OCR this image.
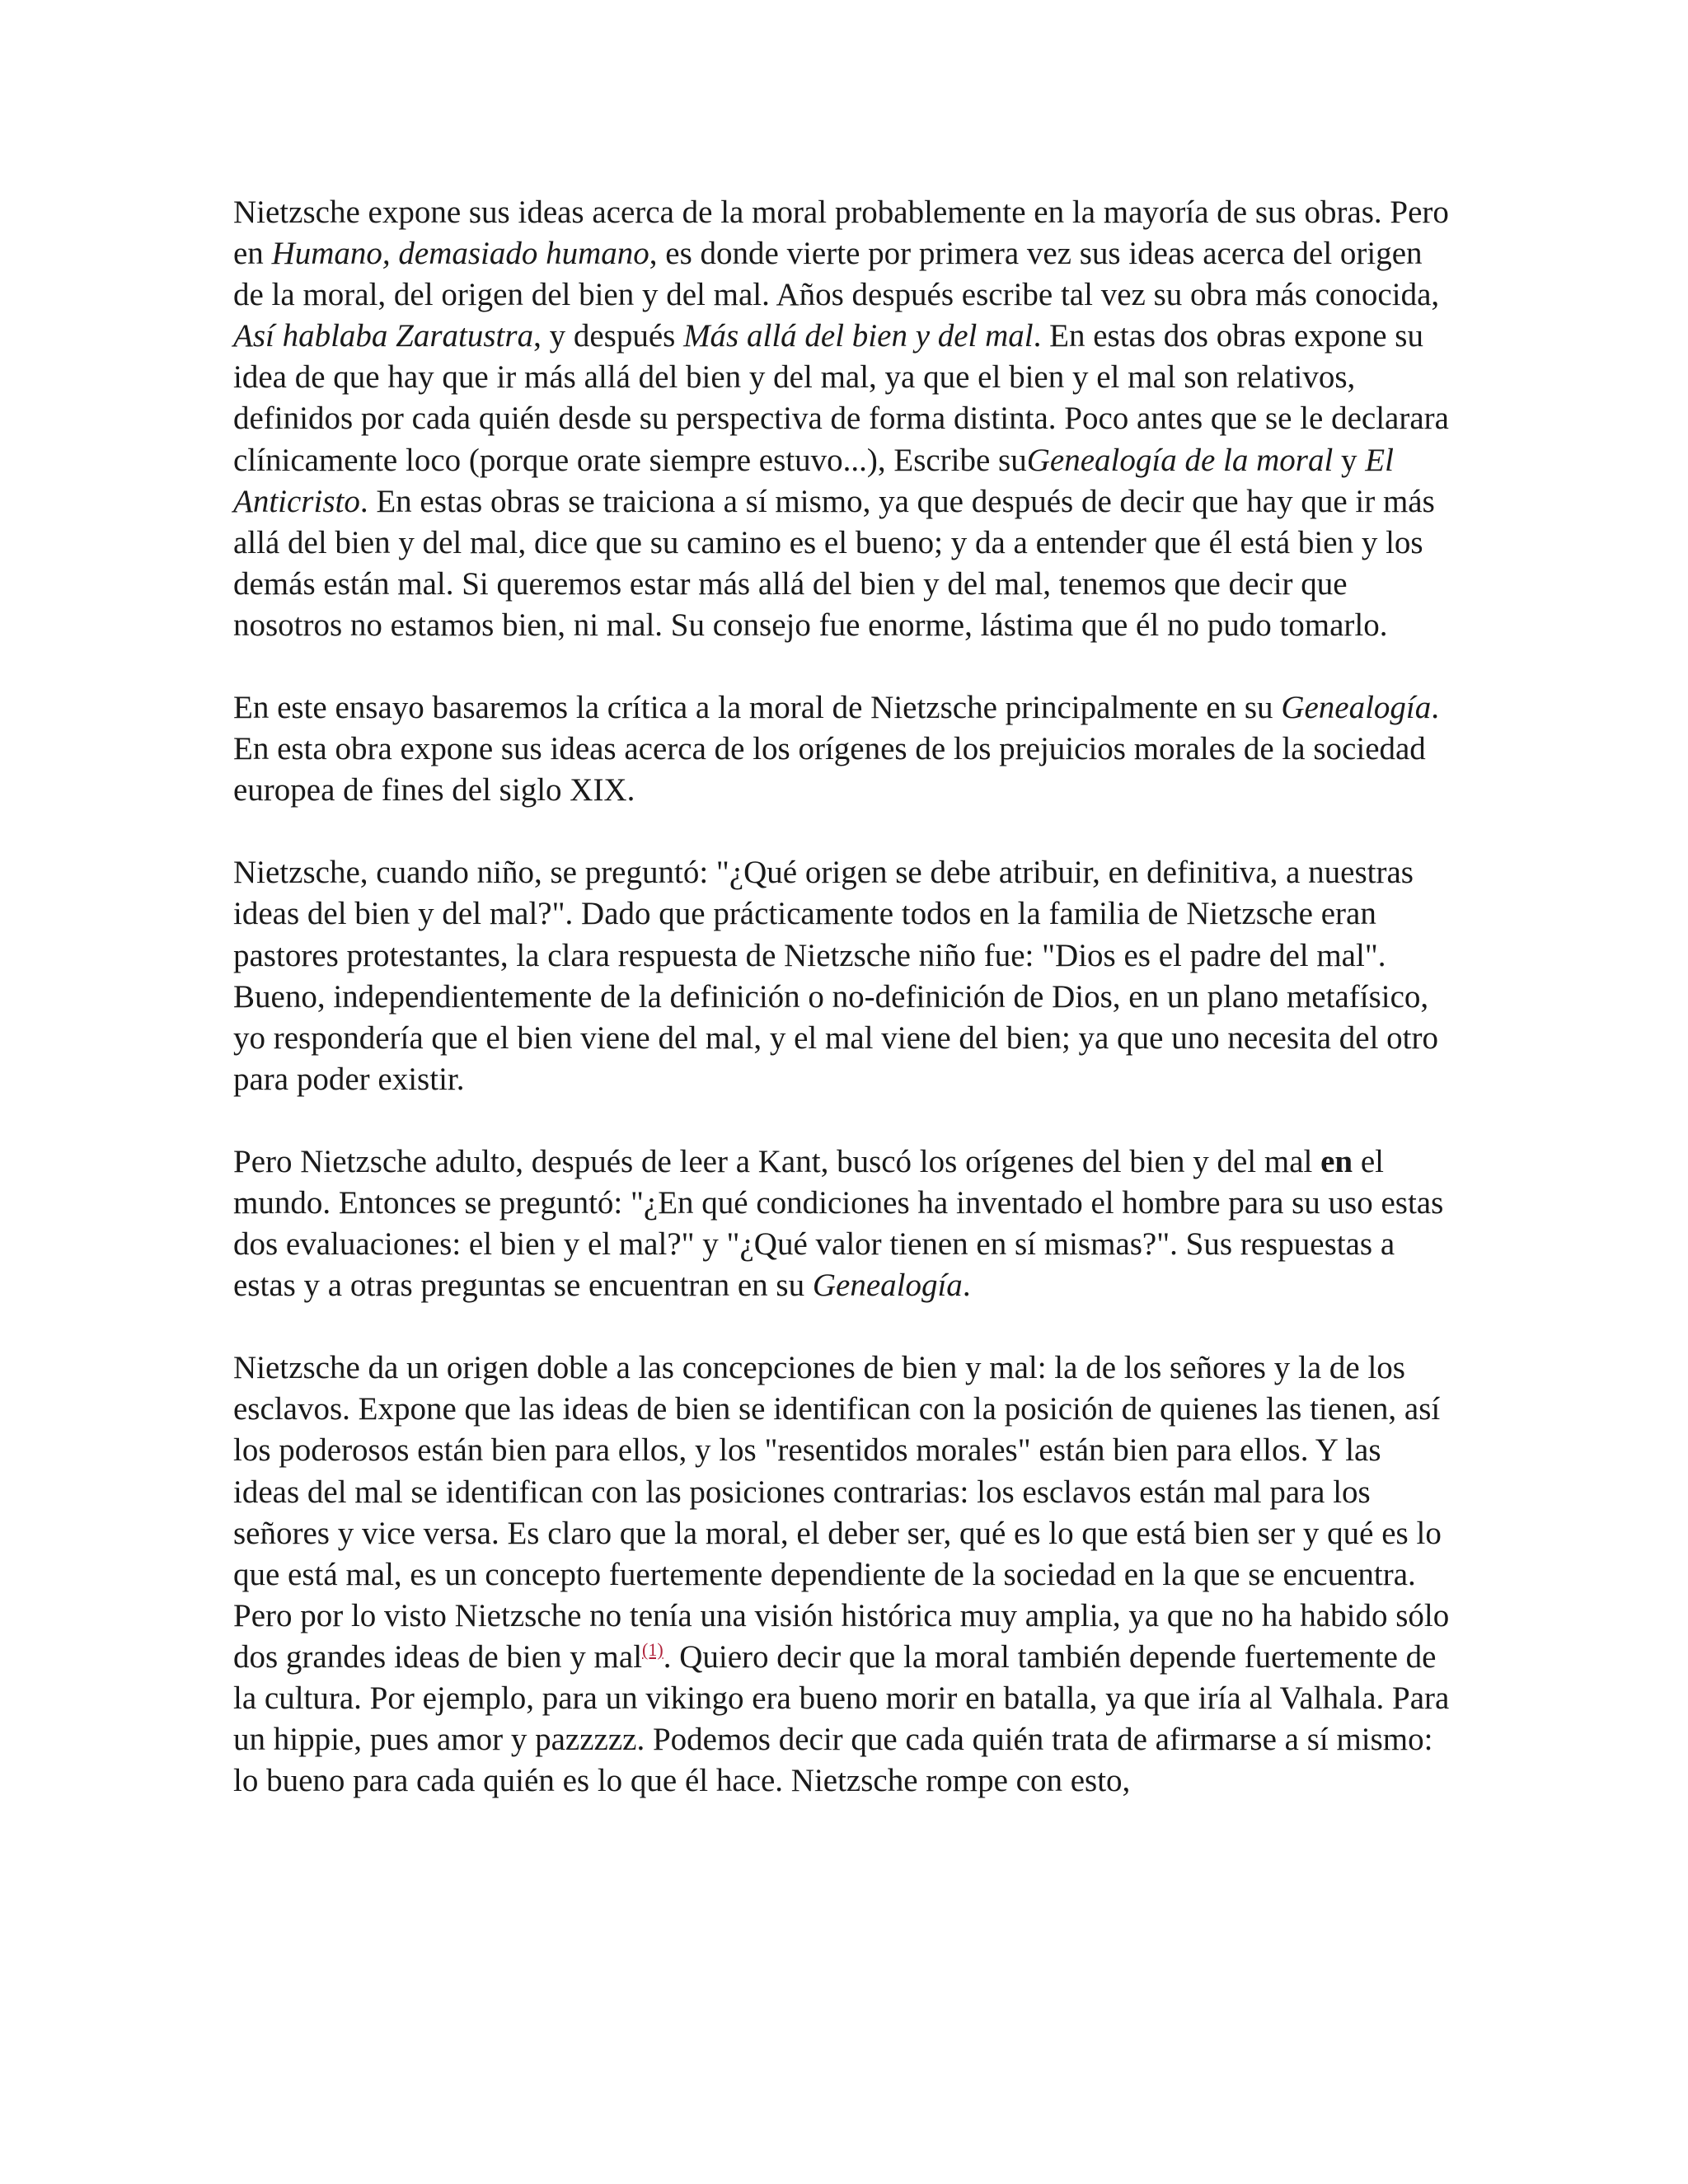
Nietzsche expone sus ideas acerca de la moral probablemente en la mayoría de sus obras. Pero en Humano, demasiado humano, es donde vierte por primera vez sus ideas acerca del origen de la moral, del origen del bien y del mal. Años después escribe tal vez su obra más conocida, Así hablaba Zaratustra, y después Más allá del bien y del mal. En estas dos obras expone su idea de que hay que ir más allá del bien y del mal, ya que el bien y el mal son relativos, definidos por cada quién desde su perspectiva de forma distinta. Poco antes que se le declarara clínicamente loco (porque orate siempre estuvo...), Escribe suGenealogía de la moral y El Anticristo. En estas obras se traiciona a sí mismo, ya que después de decir que hay que ir más allá del bien y del mal, dice que su camino es el bueno; y da a entender que él está bien y los demás están mal. Si queremos estar más allá del bien y del mal, tenemos que decir que nosotros no estamos bien, ni mal. Su consejo fue enorme, lástima que él no pudo tomarlo.

En este ensayo basaremos la crítica a la moral de Nietzsche principalmente en su Genealogía. En esta obra expone sus ideas acerca de los orígenes de los prejuicios morales de la sociedad europea de fines del siglo XIX.

Nietzsche, cuando niño, se preguntó: "¿Qué origen se debe atribuir, en definitiva, a nuestras ideas del bien y del mal?". Dado que prácticamente todos en la familia de Nietzsche eran pastores protestantes, la clara respuesta de Nietzsche niño fue: "Dios es el padre del mal". Bueno, independientemente de la definición o no-definición de Dios, en un plano metafísico, yo respondería que el bien viene del mal, y el mal viene del bien; ya que uno necesita del otro para poder existir.

Pero Nietzsche adulto, después de leer a Kant, buscó los orígenes del bien y del mal en el mundo. Entonces se preguntó: "¿En qué condiciones ha inventado el hombre para su uso estas dos evaluaciones: el bien y el mal?" y "¿Qué valor tienen en sí mismas?". Sus respuestas a estas y a otras preguntas se encuentran en su Genealogía.

Nietzsche da un origen doble a las concepciones de bien y mal: la de los señores y la de los esclavos. Expone que las ideas de bien se identifican con la posición de quienes las tienen, así los poderosos están bien para ellos, y los "resentidos morales" están bien para ellos. Y las ideas del mal se identifican con las posiciones contrarias: los esclavos están mal para los señores y vice versa. Es claro que la moral, el deber ser, qué es lo que está bien ser y qué es lo que está mal, es un concepto fuertemente dependiente de la sociedad en la que se encuentra. Pero por lo visto Nietzsche no tenía una visión histórica muy amplia, ya que no ha habido sólo dos grandes ideas de bien y mal$^{(1)}$. Quiero decir que la moral también depende fuertemente de la cultura. Por ejemplo, para un vikingo era bueno morir en batalla, ya que iría al Valhala. Para un hippie, pues amor y pazzzzz. Podemos decir que cada quién trata de afirmarse a sí mismo: lo bueno para cada quién es lo que él hace. Nietzsche rompe con esto,
